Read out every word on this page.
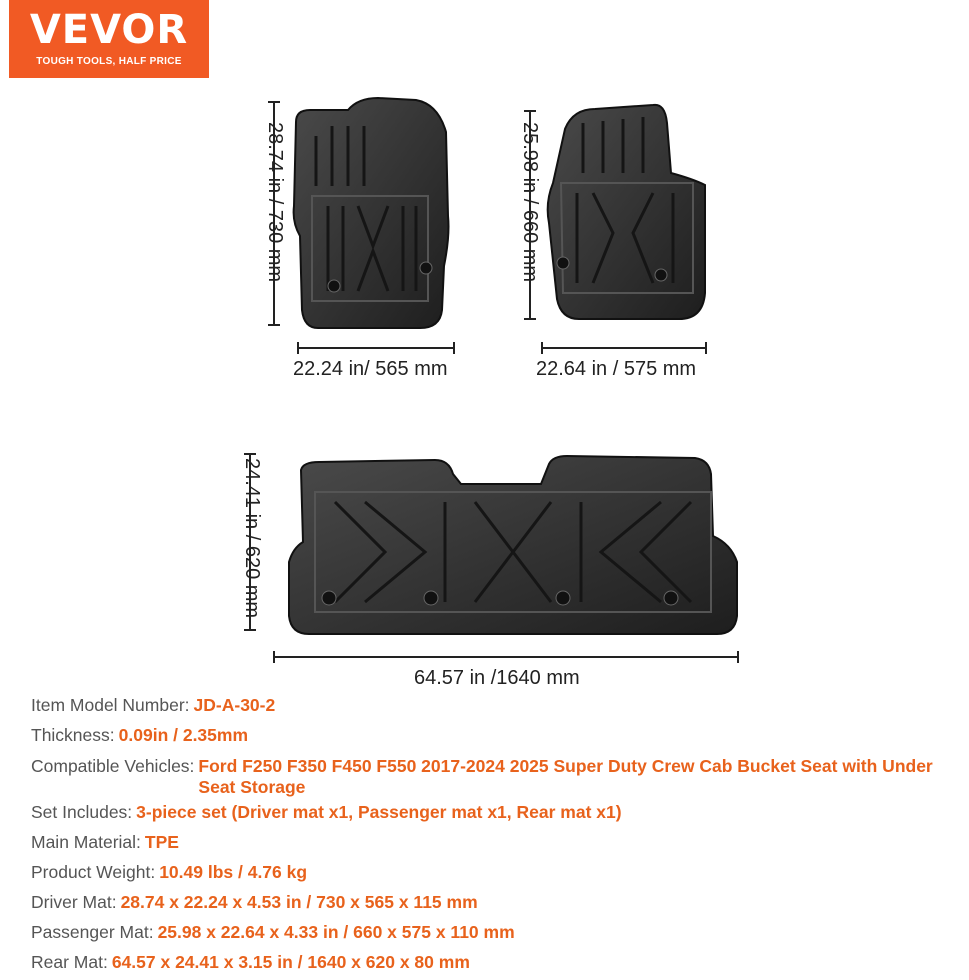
VEVOR
TOUGH TOOLS, HALF PRICE
28.74 in / 730 mm
22.24 in/ 565 mm
25.98 in / 660 mm
22.64 in / 575 mm
24.41 in / 620 mm
64.57 in /1640 mm
Item Model Number: JD-A-30-2
Thickness: 0.09in / 2.35mm
Compatible Vehicles: Ford F250 F350 F450 F550 2017-2024 2025 Super Duty Crew Cab Bucket Seat with Under Seat Storage
Set Includes: 3-piece set (Driver mat x1, Passenger mat x1, Rear mat x1)
Main Material: TPE
Product Weight: 10.49 lbs / 4.76 kg
Driver Mat: 28.74 x 22.24 x 4.53 in / 730 x 565 x 115 mm
Passenger Mat: 25.98 x 22.64 x 4.33 in / 660 x 575 x 110 mm
Rear Mat: 64.57 x 24.41 x 3.15 in / 1640 x 620 x 80 mm
